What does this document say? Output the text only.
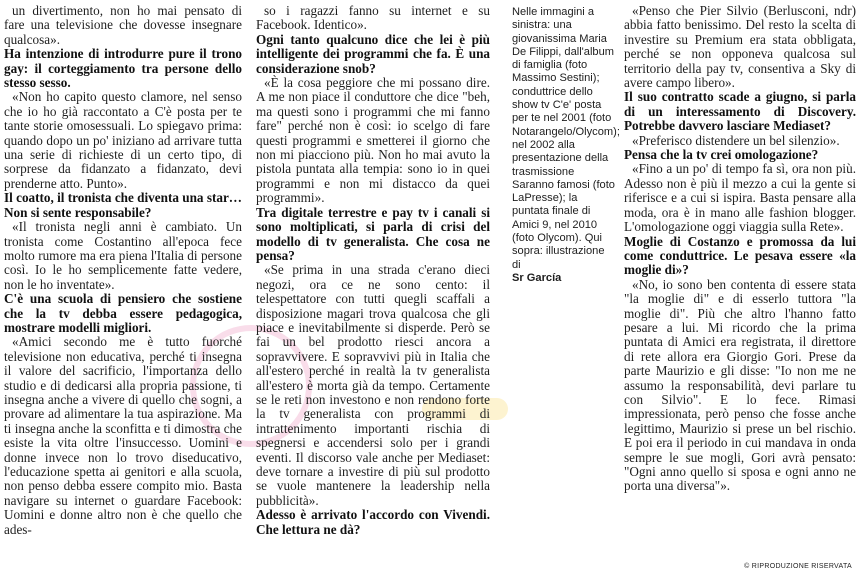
un divertimento, non ho mai pensato di fare una televisione che dovesse insegnare qualcosa».

Ha intenzione di introdurre pure il trono gay: il corteggiamento tra persone dello stesso sesso.

«Non ho capito questo clamore, nel senso che io ho già raccontato a C'è posta per te tante storie omosessuali. Lo spiegavo prima: quando dopo un po' iniziano ad arrivare tutta una serie di richieste di un certo tipo, di sorprese da fidanzato a fidanzato, devi prenderne atto. Punto».

Il coatto, il tronista che diventa una star… Non si sente responsabile?

«Il tronista negli anni è cambiato. Un tronista come Costantino all'epoca fece molto rumore ma era piena l'Italia di persone così. Io le ho semplicemente fatte vedere, non le ho inventate».

C'è una scuola di pensiero che sostiene che la tv debba essere pedagogica, mostrare modelli migliori.

«Amici secondo me è tutto fuorché televisione non educativa, perché ti insegna il valore del sacrificio, l'importanza dello studio e di dedicarsi alla propria passione, ti insegna anche a vivere di quello che sogni, a provare ad alimentare la tua aspirazione. Ma ti insegna anche la sconfitta e ti dimostra che esiste la vita oltre l'insuccesso. Uomini e donne invece non lo trovo diseducativo, l'educazione spetta ai genitori e alla scuola, non penso debba essere compito mio. Basta navigare su internet o guardare Facebook: Uomini e donne altro non è che quello che ades-

so i ragazzi fanno su internet e su Facebook. Identico».

Ogni tanto qualcuno dice che lei è più intelligente dei programmi che fa. È una considerazione snob?

«È la cosa peggiore che mi possano dire. A me non piace il conduttore che dice "beh, ma questi sono i programmi che mi fanno fare" perché non è così: io scelgo di fare questi programmi e smetterei il giorno che non mi piacciono più. Non ho mai avuto la pistola puntata alla tempia: sono io in quei programmi e non mi distacco da quei programmi».

Tra digitale terrestre e pay tv i canali si sono moltiplicati, si parla di crisi del modello di tv generalista. Che cosa ne pensa?

«Se prima in una strada c'erano dieci negozi, ora ce ne sono cento: il telespettatore con tutti quegli scaffali a disposizione magari trova qualcosa che gli piace e inevitabilmente si disperde. Però se fai un bel prodotto riesci ancora a sopravvivere. E sopravvivi più in Italia che all'estero perché in realtà la tv generalista all'estero è morta già da tempo. Certamente se le reti non investono e non rendono forte la tv generalista con programmi di intrattenimento importanti rischia di spegnersi e accendersi solo per i grandi eventi. Il discorso vale anche per Mediaset: deve tornare a investire di più sul prodotto se vuole mantenere la leadership nella pubblicità».

Adesso è arrivato l'accordo con Vivendi. Che lettura ne dà?

Nelle immagini a sinistra: una giovanissima Maria De Filippi, dall'album di famiglia (foto Massimo Sestini); conduttrice dello show tv C'e' posta per te nel 2001 (foto Notarangelo/Olycom); nel 2002 alla presentazione della trasmissione Saranno famosi (foto LaPresse); la puntata finale di Amici 9, nel 2010 (foto Olycom). Qui sopra: illustrazione di

Sr García

«Penso che Pier Silvio (Berlusconi, ndr) abbia fatto benissimo. Del resto la scelta di investire su Premium era stata obbligata, perché se non opponeva qualcosa sul territorio della pay tv, consentiva a Sky di avere campo libero».

Il suo contratto scade a giugno, si parla di un interessamento di Discovery. Potrebbe davvero lasciare Mediaset?

«Preferisco distendere un bel silenzio».

Pensa che la tv crei omologazione?

«Fino a un po' di tempo fa sì, ora non più. Adesso non è più il mezzo a cui la gente si riferisce e a cui si ispira. Basta pensare alla moda, ora è in mano alle fashion blogger. L'omologazione oggi viaggia sulla Rete».

Moglie di Costanzo e promossa da lui come conduttrice. Le pesava essere «la moglie di»?

«No, io sono ben contenta di essere stata "la moglie di" e di esserlo tuttora "la moglie di". Più che altro l'hanno fatto pesare a lui. Mi ricordo che la prima puntata di Amici era registrata, il direttore di rete allora era Giorgio Gori. Prese da parte Maurizio e gli disse: "Io non me ne assumo la responsabilità, devi parlare tu con Silvio". E lo fece. Rimasi impressionata, però penso che fosse anche legittimo, Maurizio si prese un bel rischio. E poi era il periodo in cui mandava in onda sempre le sue mogli, Gori avrà pensato: "Ogni anno quello si sposa e ogni anno ne porta una diversa"».

© RIPRODUZIONE RISERVATA
